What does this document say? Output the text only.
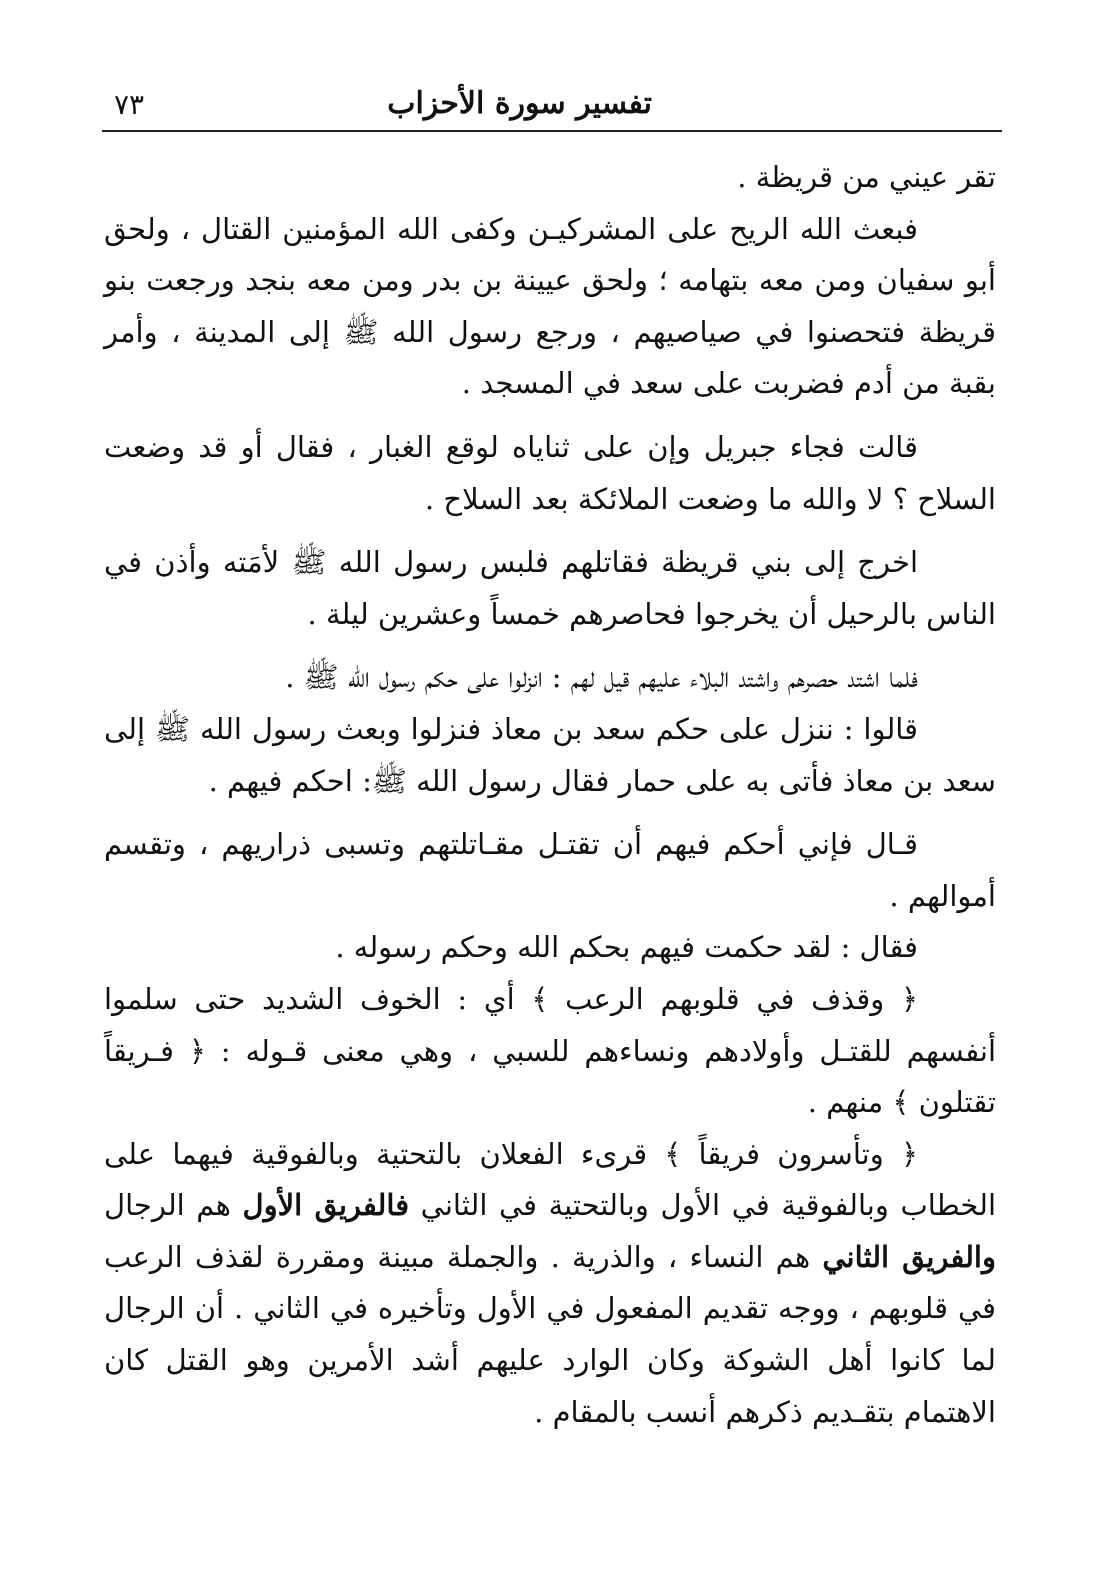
٧٣	تفسير سورة الأحزاب

تقر عيني من قريظة .

فبعث الله الريح على المشركيـن وكفى الله المؤمنين القتال ، ولحق أبو سفيان ومن معه بتهامه ؛ ولحق عيينة بن بدر ومن معه بنجد ورجعت بنو قريظة فتحصنوا في صياصيهم ، ورجع رسول الله ﷺ إلى المدينة ، وأمر بقبة من أدم فضربت على سعد في المسجد .

قالت فجاء جبريل وإن على ثناياه لوقع الغبار ، فقال أو قد وضعت السلاح ؟ لا والله ما وضعت الملائكة بعد السلاح .

اخرج إلى بني قريظة فقاتلهم فلبس رسول الله ﷺ لأمَته وأذن في الناس بالرحيل أن يخرجوا فحاصرهم خمساً وعشرين ليلة .

فلما اشتد حصرهم واشتد البلاء عليهم قيل لهم : انزلوا على حكم رسول الله ﷺ .

قالوا : ننزل على حكم سعد بن معاذ فنزلوا وبعث رسول الله ﷺ إلى سعد بن معاذ فأتى به على حمار فقال رسول الله ﷺ: احكم فيهم .

قـال فإني أحكم فيهم أن تقتـل مقـاتلتهم وتسبى ذراريهم ، وتقسم أموالهم .

فقال : لقد حكمت فيهم بحكم الله وحكم رسوله .

﴿ وقذف في قلوبهم الرعب ﴾ أي : الخوف الشديد حتى سلموا أنفسهم للقتـل وأولادهم ونساءهم للسبي ، وهي معنى قـوله : ﴿ فـريقاً تقتلون ﴾ منهم .

﴿ وتأسرون فريقاً ﴾ قرىء الفعلان بالتحتية وبالفوقية فيهما على الخطاب وبالفوقية في الأول وبالتحتية في الثاني فالفريق الأول هم الرجال والفريق الثاني هم النساء ، والذرية . والجملة مبينة ومقررة لقذف الرعب في قلوبهم ، ووجه تقديم المفعول في الأول وتأخيره في الثاني . أن الرجال لما كانوا أهل الشوكة وكان الوارد عليهم أشد الأمرين وهو القتل كان الاهتمام بتقـديم ذكرهم أنسب بالمقام .
